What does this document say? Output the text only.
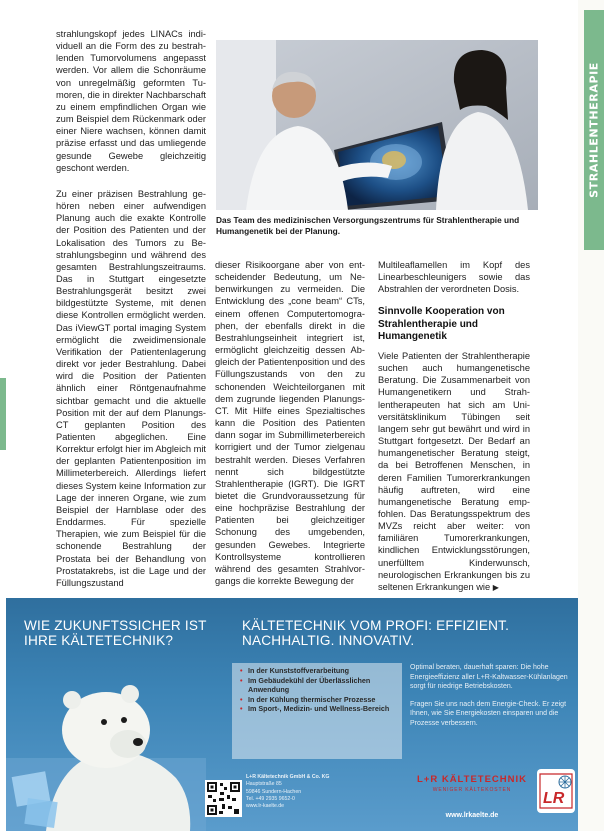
STRAHLENTHERAPIE

strahlungskopf jedes LINACs individuell an die Form des zu bestrahlenden Tumorvolumens angepasst werden. Vor allem die Schonräume von unregelmäßig geformten Tumoren, die in direkter Nachbarschaft zu einem empfindlichen Organ wie zum Beispiel dem Rückenmark oder einer Niere wachsen, können damit präzise erfasst und das umliegende gesunde Gewebe gleichzeitig geschont werden.

Zu einer präzisen Bestrahlung gehören neben einer aufwendigen Planung auch die exakte Kontrolle der Position des Patienten und der Lokalisation des Tumors zu Bestrahlungsbeginn und während des gesamten Bestrahlungszeitraums. Das in Stuttgart eingesetzte Bestrahlungsgerät besitzt zwei bildgestützte Systeme, mit denen diese Kontrollen ermöglicht werden. Das iViewGT portal imaging System ermöglicht die zweidimensionale Verifikation der Patientenlagerung direkt vor jeder Bestrahlung. Dabei wird die Position der Patienten ähnlich einer Röntgenaufnahme sichtbar gemacht und die aktuelle Position mit der auf dem Planungs-CT geplanten Position des Patienten abgeglichen. Eine Korrektur erfolgt hier im Abgleich mit der geplanten Patientenposition im Millimeterbereich. Allerdings liefert dieses System keine Information zur Lage der inneren Organe, wie zum Beispiel der Harnblase oder des Enddarmes. Für spezielle Therapien, wie zum Beispiel für die schonende Bestrahlung der Prostata bei der Behandlung von Prostatakrebs, ist die Lage und der Füllungszustand

Das Team des medizinischen Versorgungszentrums für Strahlentherapie und Humangenetik bei der Planung.

dieser Risikoorgane aber von entscheidender Bedeutung, um Nebenwirkungen zu vermeiden. Die Entwicklung des „cone beam“ CTs, einem offenen Computertomographen, der ebenfalls direkt in die Bestrahlungseinheit integriert ist, ermöglicht gleichzeitig dessen Abgleich der Patientenposition und des Füllungszustands von den zu schonenden Weichteilorganen mit dem zugrunde liegenden Planungs-CT. Mit Hilfe eines Spezialtisches kann die Position des Patienten dann sogar im Submillimeterbereich korrigiert und der Tumor zielgenau bestrahlt werden. Dieses Verfahren nennt sich bildgestützte Strahlentherapie (IGRT). Die IGRT bietet die Grundvoraussetzung für eine hochpräzise Bestrahlung der Patienten bei gleichzeitiger Schonung des umgebenden, gesunden Gewebes. Integrierte Kontrollsysteme kontrollieren während des gesamten Strahlvorgangs die korrekte Bewegung der

Multileaflamellen im Kopf des Linearbeschleunigers sowie das Abstrahlen der verordneten Dosis.

Sinnvolle Kooperation von Strahlentherapie und Humangenetik

Viele Patienten der Strahlentherapie suchen auch humangenetische Beratung. Die Zusammenarbeit von Humangenetikern und Strahlentherapeuten hat sich am Universitätsklinikum Tübingen seit langem sehr gut bewährt und wird in Stuttgart fortgesetzt. Der Bedarf an humangenetischer Beratung steigt, da bei Betroffenen Menschen, in deren Familien Tumorerkrankungen häufig auftreten, wird eine humangenetische Beratung empfohlen. Das Beratungsspektrum des MVZs reicht aber weiter: von familiären Tumorerkrankungen, kindlichen Entwicklungsstörungen, unerfülltem Kinderwunsch, neurologischen Erkrankungen bis zu seltenen Erkrankungen wie ▶

WIE ZUKUNFTSSICHER IST IHRE KÄLTETECHNIK?
KÄLTETECHNIK VOM PROFI: EFFIZIENT. NACHHALTIG. INNOVATIV.
• In der Kunststoffverarbeitung
• Im Gebäudekühl der Überlässlichen Anwendung
• In der Kühlung thermischer Prozesse
• Im Sport-, Medizin- und Wellness-Bereich

Optimal beraten, dauerhaft sparen: Die hohe Energieeffizienz aller L+R-Kaltwasser-Kühlanlagen sorgt für niedrige Betriebskosten.

Fragen Sie uns nach dem Energie-Check. Er zeigt Ihnen, wie Sie Energiekosten einsparen und die Prozesse verbessern.

L+R Kältetechnik GmbH & Co. KG
Hauptstraße 85
59846 Sundern-Hachen
Tel. +49 2935 9652-0
www.lr-kaelte.de
L+R KÄLTETECHNIK
WENIGER KÄLTEKOSTEN	LR
www.lrkaelte.de
